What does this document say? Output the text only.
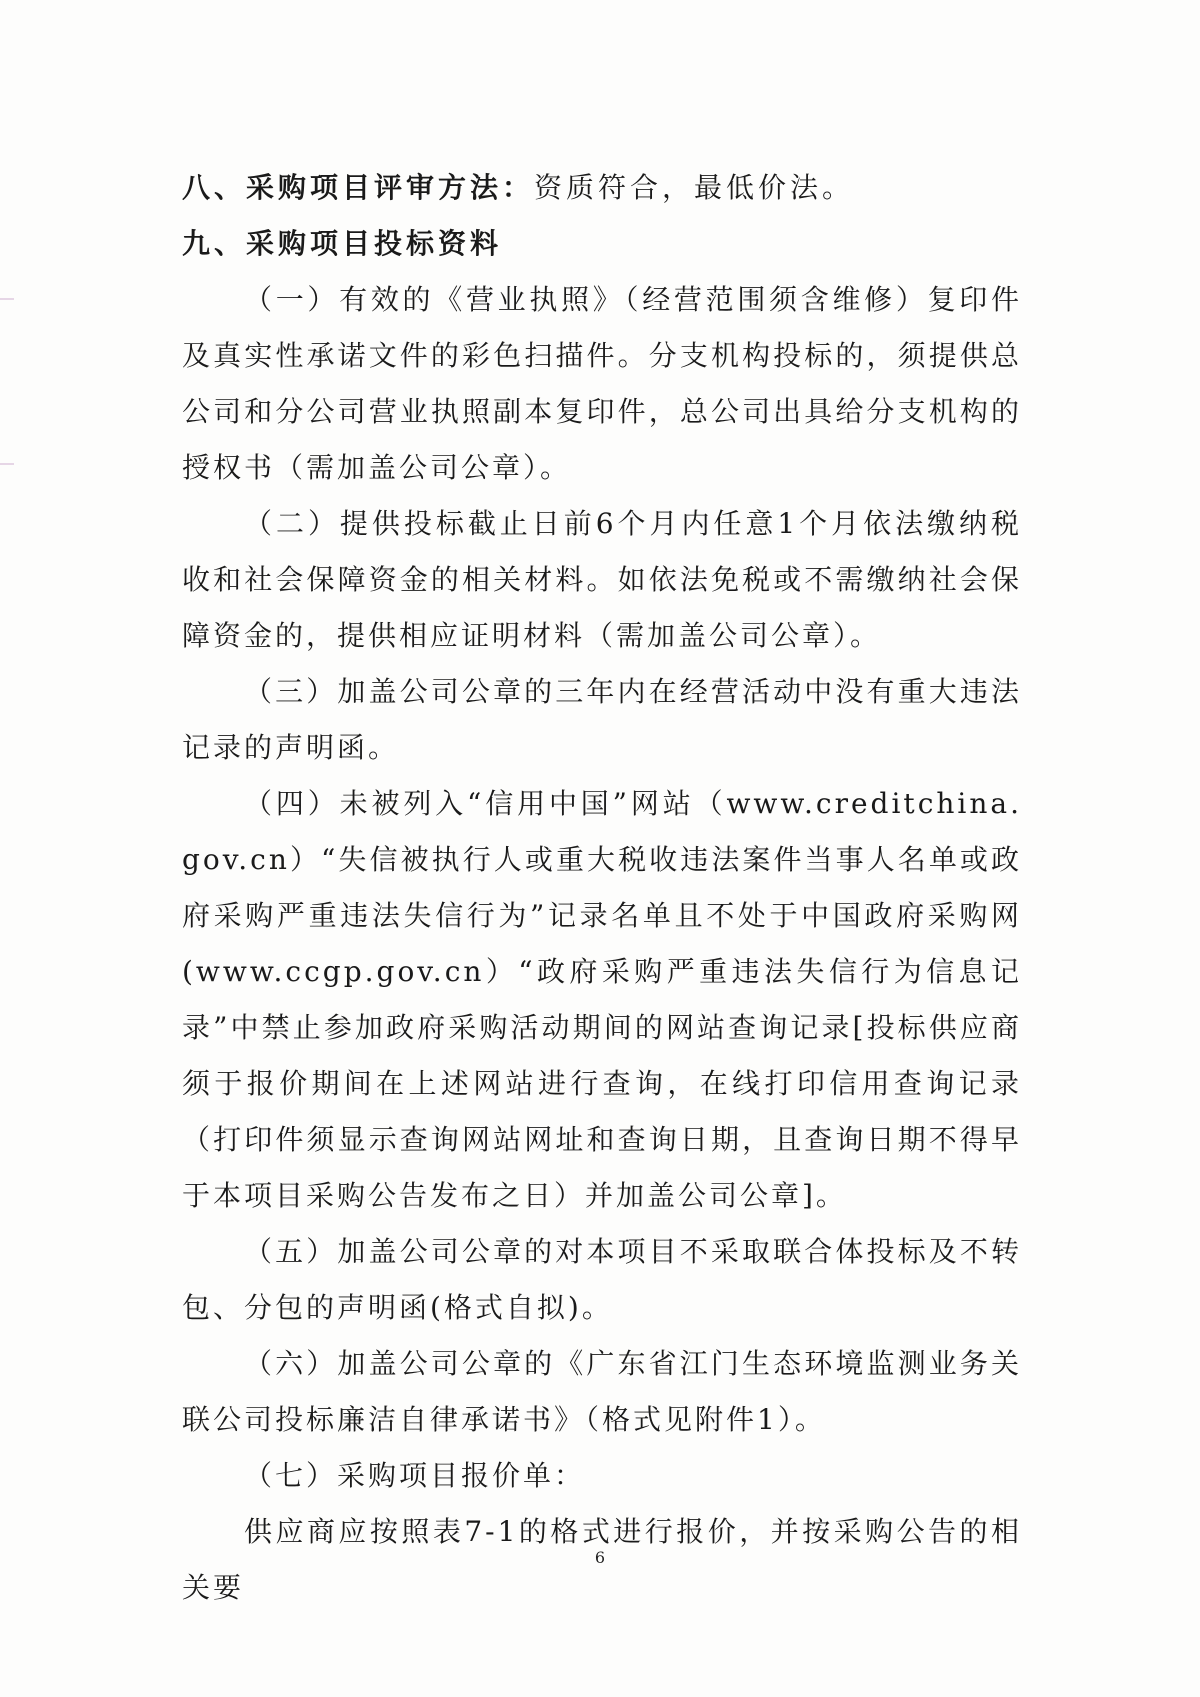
八、采购项目评审方法：资质符合，最低价法。

九、采购项目投标资料

（一）有效的《营业执照》（经营范围须含维修）复印件及真实性承诺文件的彩色扫描件。分支机构投标的，须提供总公司和分公司营业执照副本复印件，总公司出具给分支机构的授权书（需加盖公司公章）。

（二）提供投标截止日前6个月内任意1个月依法缴纳税收和社会保障资金的相关材料。如依法免税或不需缴纳社会保障资金的，提供相应证明材料（需加盖公司公章）。

（三）加盖公司公章的三年内在经营活动中没有重大违法记录的声明函。

（四）未被列入“信用中国”网站（www.creditchina.gov.cn）“失信被执行人或重大税收违法案件当事人名单或政府采购严重违法失信行为”记录名单且不处于中国政府采购网(www.ccgp.gov.cn）“政府采购严重违法失信行为信息记录”中禁止参加政府采购活动期间的网站查询记录[投标供应商须于报价期间在上述网站进行查询，在线打印信用查询记录（打印件须显示查询网站网址和查询日期，且查询日期不得早于本项目采购公告发布之日）并加盖公司公章]。

（五）加盖公司公章的对本项目不采取联合体投标及不转包、分包的声明函(格式自拟)。

（六）加盖公司公章的《广东省江门生态环境监测业务关联公司投标廉洁自律承诺书》（格式见附件1）。

（七）采购项目报价单：

供应商应按照表7-1的格式进行报价，并按采购公告的相关要

6
